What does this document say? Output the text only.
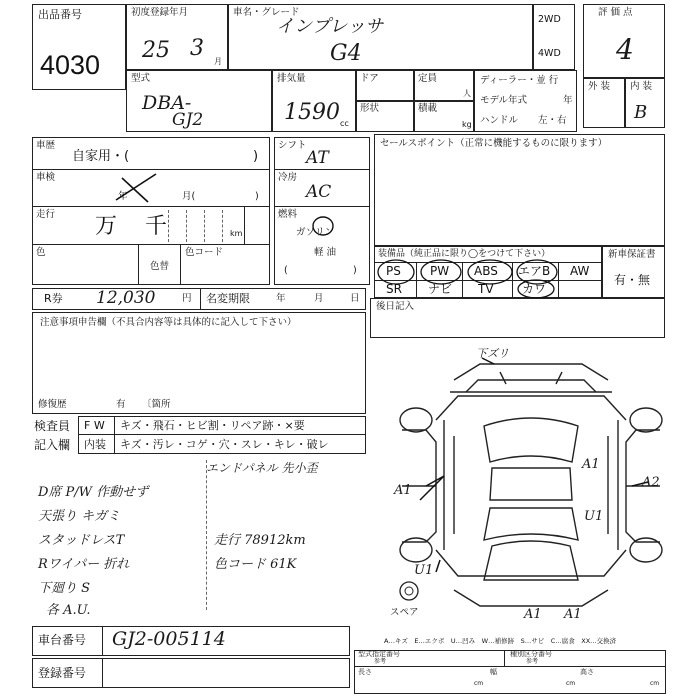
出品番号
4030
初度登録年月
25 3
月
車名・グレード
インプレッサ
G4
2WD
4WD
評 価 点
4
外 装 内 装
B
型式
DBA-
GJ2
排気量
1590 cc
ドア	定員
人
形状	積載
kg
ディーラー・並 行
モデル年式	年
ハンドル 左・右
車歴
自家用・(	)
車検
年	月(	)
走行 万 千	km
色
色替
色コード
シフト
AT
冷房
AC
燃料
ガソリン
軽 油
(	)
セールスポイント（正常に機能するものに限ります）
装備品（純正品に限り◯をつけて下さい）
PS PW ABS エアB AW
SR ナビ TV カワ
新車保証書
有・無
R券 12,030	円 名変期限	年	月	日
注意事項申告欄（不具合内容等は具体的に記入して下さい）
修復歴	有 〔箇所
後日記入
検査員
記入欄
F W キズ・飛石・ヒビ割・リペア跡・×要
内装 キズ・汚レ・コゲ・穴・スレ・キレ・破レ
エンドパネル 先小歪
D席 P/W 作動せず
天張り キガミ
スタッドレスT
Rワイパー 折れ
下廻り S
各 A.U.
走行 78912km
色コード 61K
下ズリ
A1
A2
U1
A1
U1
A1 A1
スペア
A…キズ　E…エクボ　U…凹み　W…補修跡　S…サビ　C…腐食　XX…交換済
車台番号 GJ2-005114
登録番号
型式指定番号
参考
種別区分番号
参考
長さ
cm
幅
cm
高さ
cm
